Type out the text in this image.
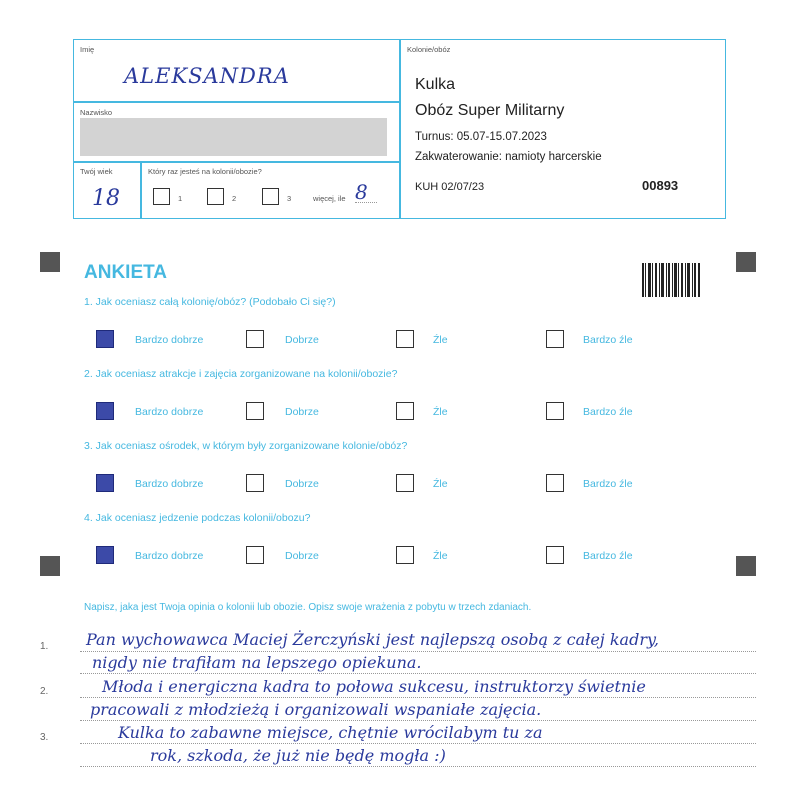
Imię
ALEKSANDRA
Nazwisko
Twój wiek
18
Który raz jesteś na kolonii/obozie?
1	2	3	więcej, ile 8
Kolonie/obóz
Kulka
Obóz Super Militarny
Turnus: 05.07-15.07.2023
Zakwaterowanie: namioty harcerskie
KUH 02/07/23	00893
ANKIETA
1. Jak oceniasz całą kolonię/obóz? (Podobało Ci się?)
Bardzo dobrze	Dobrze	Źle	Bardzo źle
2. Jak oceniasz atrakcje i zajęcia zorganizowane na kolonii/obozie?
Bardzo dobrze	Dobrze	Źle	Bardzo źle
3. Jak oceniasz ośrodek, w którym były zorganizowane kolonie/obóz?
Bardzo dobrze	Dobrze	Źle	Bardzo źle
4. Jak oceniasz jedzenie podczas kolonii/obozu?
Bardzo dobrze	Dobrze	Źle	Bardzo źle
Napisz, jaka jest Twoja opinia o kolonii lub obozie. Opisz swoje wrażenia z pobytu w trzech zdaniach.
1.
2.
3.
Pan wychowawca Maciej Żerczyński jest najlepszą osobą z całej kadry,
nigdy nie trafiłam na lepszego opiekuna.
Młoda i energiczna kadra to połowa sukcesu, instruktorzy świetnie
pracowali z młodzieżą i organizowali wspaniałe zajęcia.
Kulka to zabawne miejsce, chętnie wrócilabym tu za
rok, szkoda, że już nie będę mogła :)
